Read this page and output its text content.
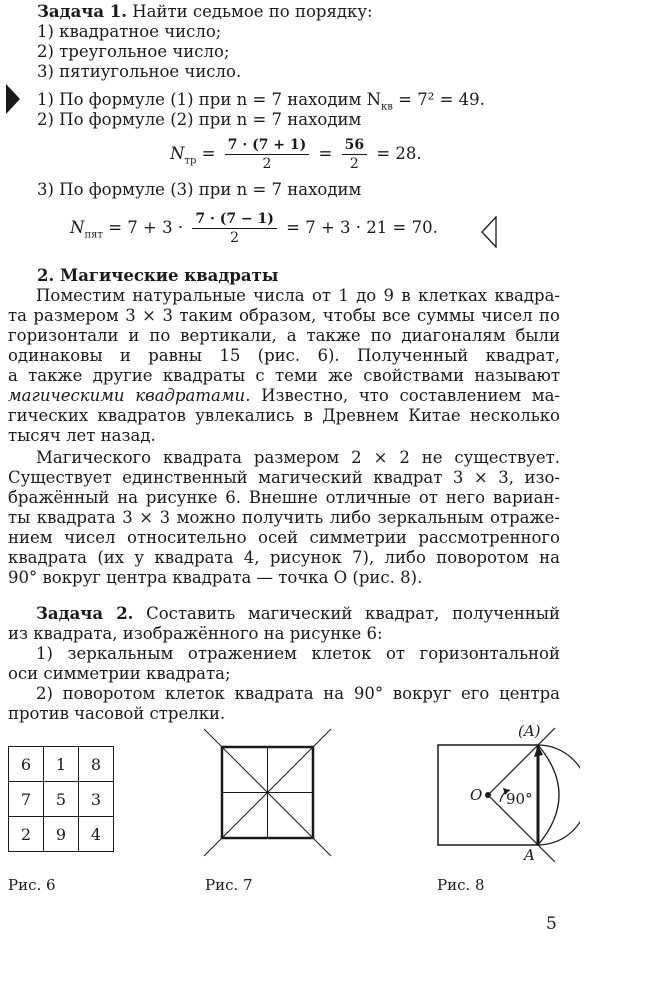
Задача 1. Найти седьмое по порядку:
1) квадратное число;
2) треугольное число;
3) пятиугольное число.
1) По формуле (1) при n = 7 находим $N_{кв} = 7^2 = 49$.
2) По формуле (2) при n = 7 находим
$N_{тр} = \frac{7 \cdot (7 + 1)}{2} = \frac{56}{2} = 28$.
3) По формуле (3) при n = 7 находим
$N_{пят} = 7 + 3 \cdot \frac{7 \cdot (7 - 1)}{2} = 7 + 3 \cdot 21 = 70$.
2. Магические квадраты
Поместим натуральные числа от 1 до 9 в клетках квадра-
та размером 3 × 3 таким образом, чтобы все суммы чисел по
горизонтали и по вертикали, а также по диагоналям были
одинаковы и равны 15 (рис. 6). Полученный квадрат,
а также другие квадраты с теми же свойствами называют
магическими квадратами. Известно, что составлением ма-
гических квадратов увлекались в Древнем Китае несколько
тысяч лет назад.
Магического квадрата размером 2 × 2 не существует.
Существует единственный магический квадрат 3 × 3, изо-
бражённый на рисунке 6. Внешне отличные от него вариан-
ты квадрата 3 × 3 можно получить либо зеркальным отраже-
нием чисел относительно осей симметрии рассмотренного
квадрата (их у квадрата 4, рисунок 7), либо поворотом на
90° вокруг центра квадрата — точка O (рис. 8).
Задача 2. Составить магический квадрат, полученный
из квадрата, изображённого на рисунке 6:
1) зеркальным отражением клеток от горизонтальной
оси симметрии квадрата;
2) поворотом клеток квадрата на 90° вокруг его центра
против часовой стрелки.
6	1	8
7	5	3
2	9	4
(A)
A
O 90°
Рис. 6	Рис. 7	Рис. 8
5
